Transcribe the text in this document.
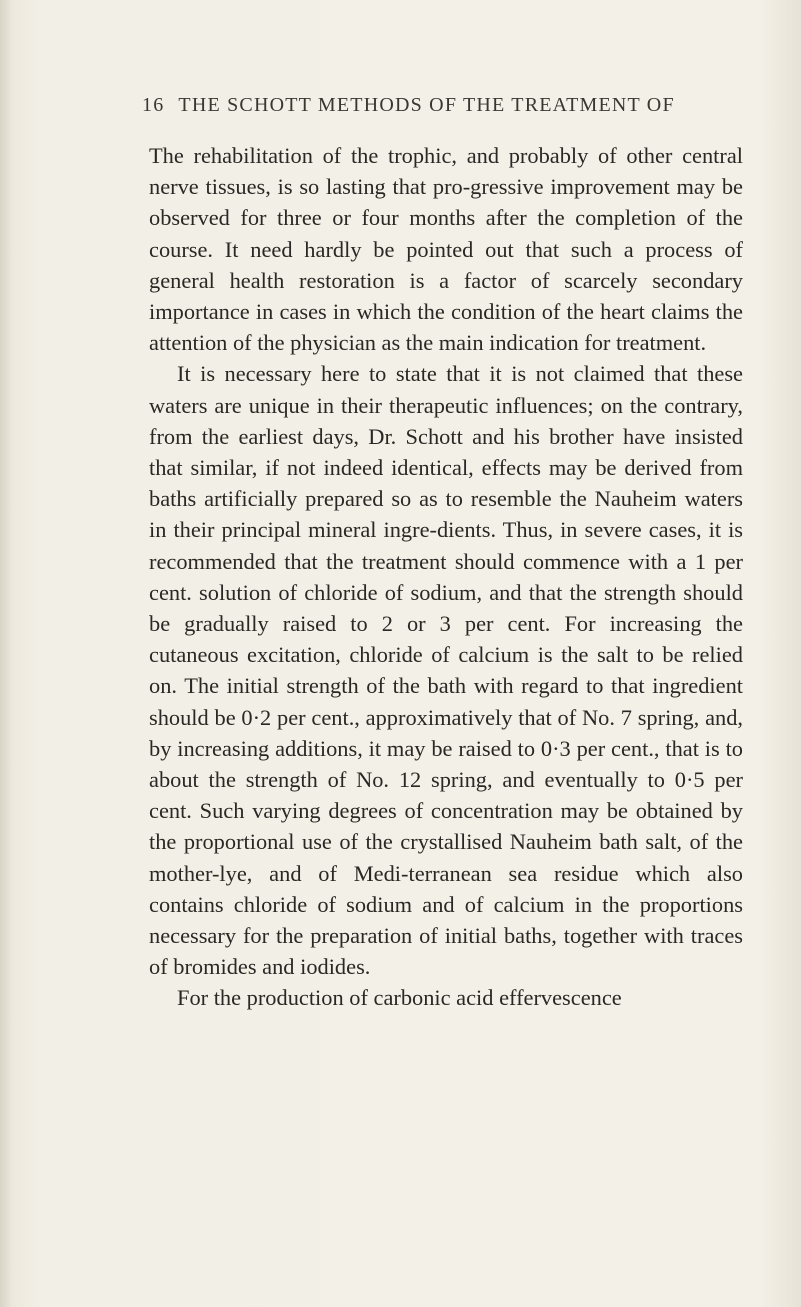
16 THE SCHOTT METHODS OF THE TREATMENT OF

The rehabilitation of the trophic, and probably of other central nerve tissues, is so lasting that pro-gressive improvement may be observed for three or four months after the completion of the course. It need hardly be pointed out that such a process of general health restoration is a factor of scarcely secondary importance in cases in which the condition of the heart claims the attention of the physician as the main indication for treatment.

It is necessary here to state that it is not claimed that these waters are unique in their therapeutic influences; on the contrary, from the earliest days, Dr. Schott and his brother have insisted that similar, if not indeed identical, effects may be derived from baths artificially prepared so as to resemble the Nauheim waters in their principal mineral ingre-dients. Thus, in severe cases, it is recommended that the treatment should commence with a 1 per cent. solution of chloride of sodium, and that the strength should be gradually raised to 2 or 3 per cent. For increasing the cutaneous excitation, chloride of calcium is the salt to be relied on. The initial strength of the bath with regard to that ingredient should be 0·2 per cent., approximatively that of No. 7 spring, and, by increasing additions, it may be raised to 0·3 per cent., that is to about the strength of No. 12 spring, and eventually to 0·5 per cent. Such varying degrees of concentration may be obtained by the proportional use of the crystallised Nauheim bath salt, of the mother-lye, and of Medi-terranean sea residue which also contains chloride of sodium and of calcium in the proportions necessary for the preparation of initial baths, together with traces of bromides and iodides.

For the production of carbonic acid effervescence
